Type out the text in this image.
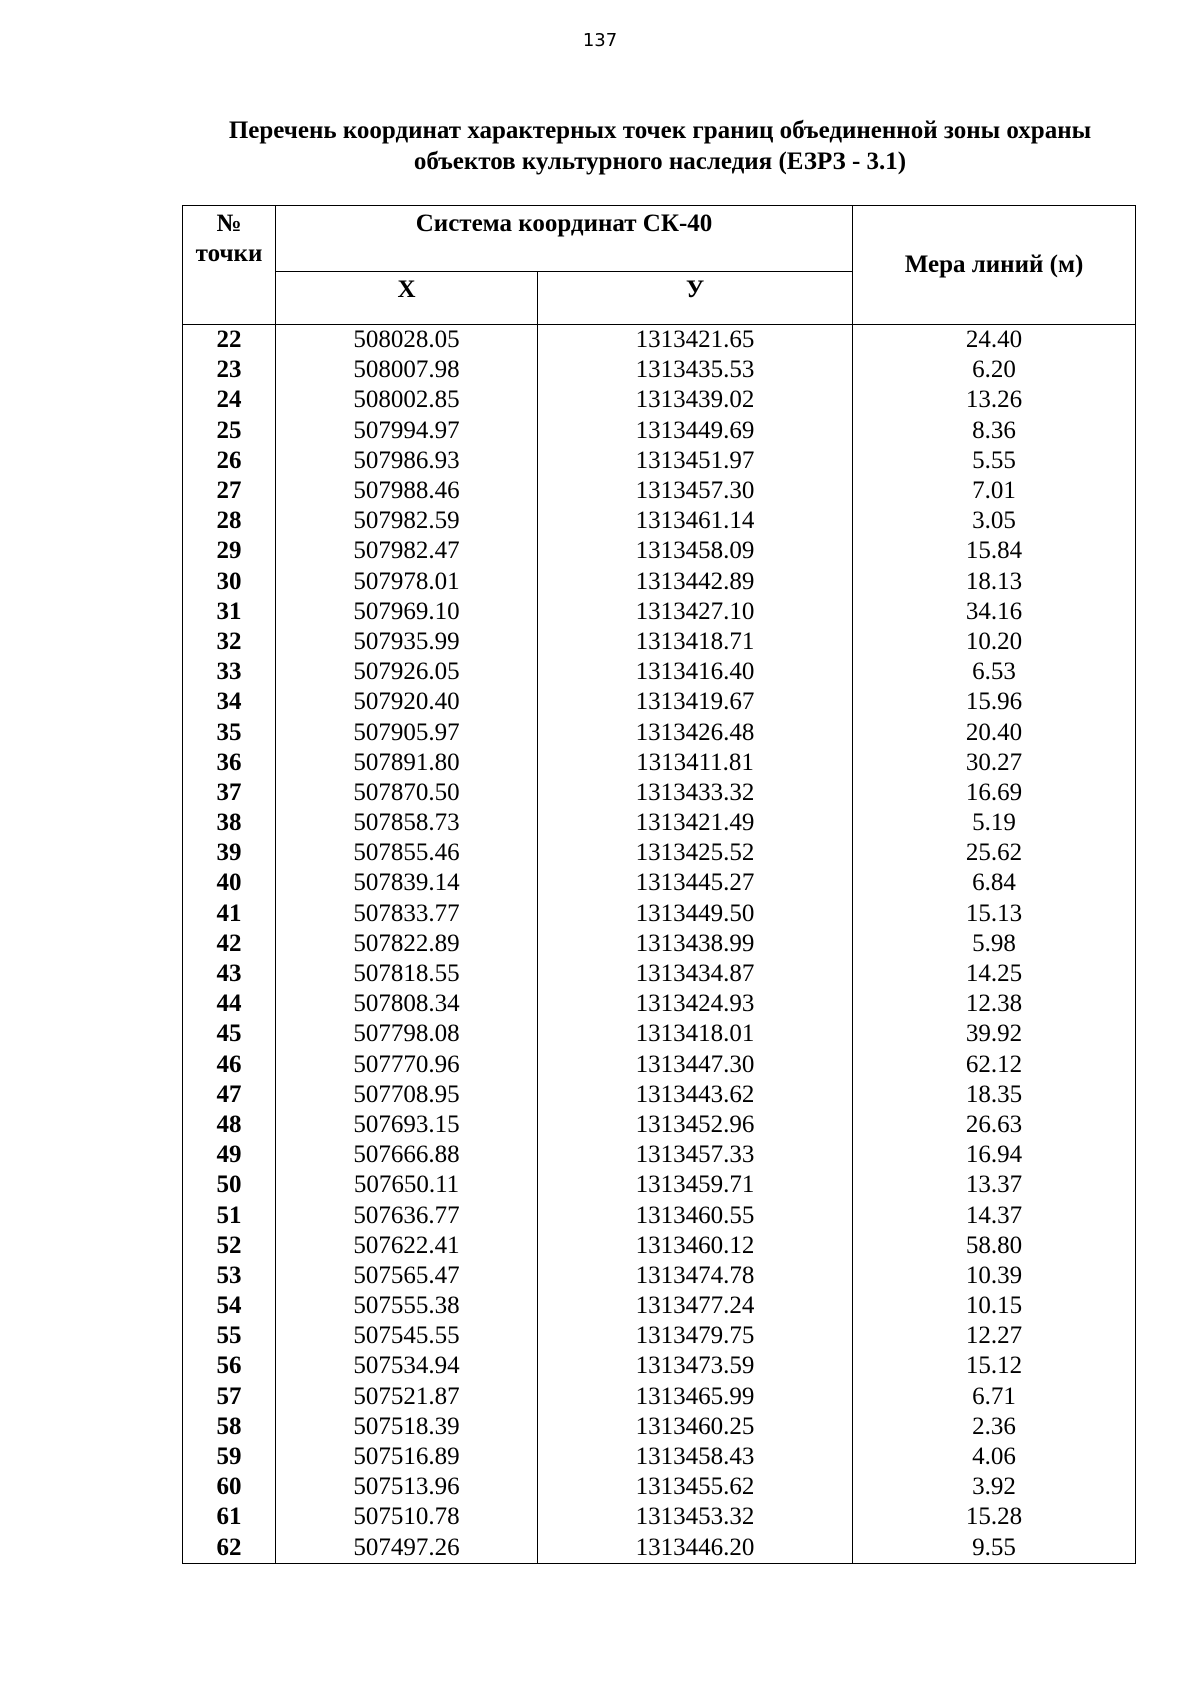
137
Перечень координат характерных точек границ объединенной зоны охраны
объектов культурного наследия (ЕЗРЗ - 3.1)
№
точки	Система координат СК-40		Мера линий (м)
	X	У	
22	508028.05	1313421.65	24.40
23	508007.98	1313435.53	6.20
24	508002.85	1313439.02	13.26
25	507994.97	1313449.69	8.36
26	507986.93	1313451.97	5.55
27	507988.46	1313457.30	7.01
28	507982.59	1313461.14	3.05
29	507982.47	1313458.09	15.84
30	507978.01	1313442.89	18.13
31	507969.10	1313427.10	34.16
32	507935.99	1313418.71	10.20
33	507926.05	1313416.40	6.53
34	507920.40	1313419.67	15.96
35	507905.97	1313426.48	20.40
36	507891.80	1313411.81	30.27
37	507870.50	1313433.32	16.69
38	507858.73	1313421.49	5.19
39	507855.46	1313425.52	25.62
40	507839.14	1313445.27	6.84
41	507833.77	1313449.50	15.13
42	507822.89	1313438.99	5.98
43	507818.55	1313434.87	14.25
44	507808.34	1313424.93	12.38
45	507798.08	1313418.01	39.92
46	507770.96	1313447.30	62.12
47	507708.95	1313443.62	18.35
48	507693.15	1313452.96	26.63
49	507666.88	1313457.33	16.94
50	507650.11	1313459.71	13.37
51	507636.77	1313460.55	14.37
52	507622.41	1313460.12	58.80
53	507565.47	1313474.78	10.39
54	507555.38	1313477.24	10.15
55	507545.55	1313479.75	12.27
56	507534.94	1313473.59	15.12
57	507521.87	1313465.99	6.71
58	507518.39	1313460.25	2.36
59	507516.89	1313458.43	4.06
60	507513.96	1313455.62	3.92
61	507510.78	1313453.32	15.28
62	507497.26	1313446.20	9.55
